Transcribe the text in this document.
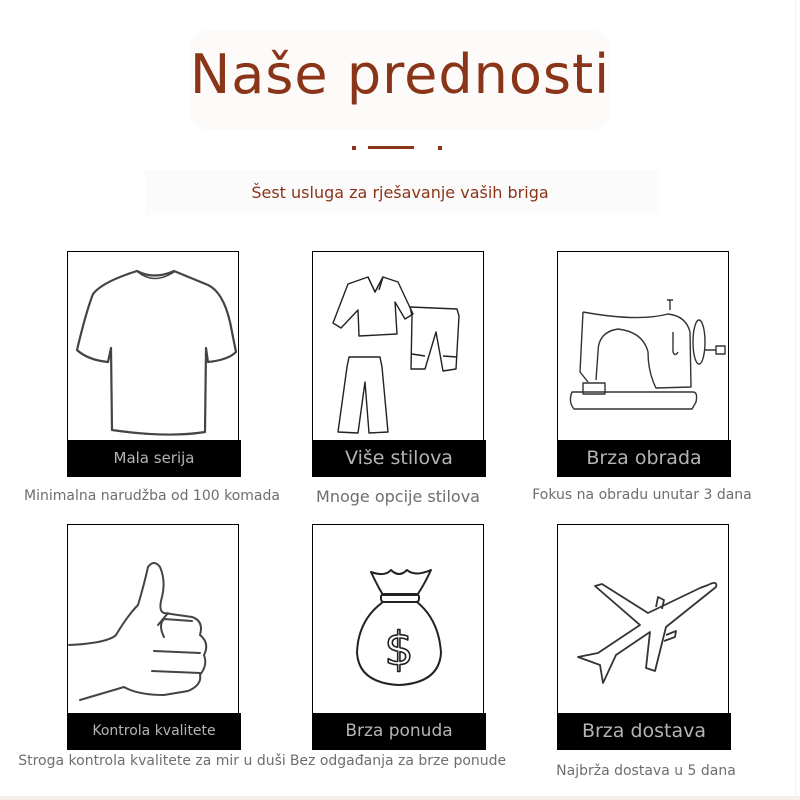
Naše prednosti
Šest usluga za rješavanje vaših briga
Mala serija
Minimalna narudžba od 100 komada
Više stilova
Mnoge opcije stilova
Brza obrada
Fokus na obradu unutar 3 dana
Kontrola kvalitete
Stroga kontrola kvalitete za mir u duši
$
Brza ponuda
Bez odgađanja za brze ponude
Brza dostava
Najbrža dostava u 5 dana
